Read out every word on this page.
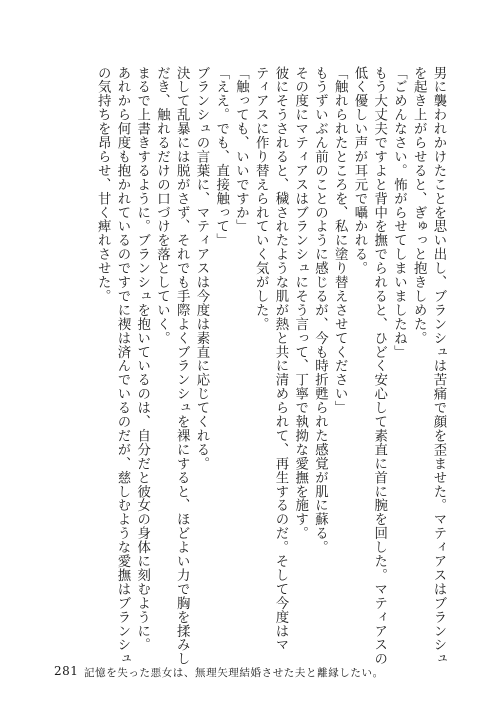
男に襲われかけたことを思い出し、ブランシュは苦痛で顔を歪ませた。マティアスはブランシュ
を起き上がらせると、ぎゅっと抱きしめた。
「ごめんなさい。怖がらせてしまいましたね」
もう大丈夫ですよと背中を撫でられると、ひどく安心して素直に首に腕を回した。マティアスの
低く優しい声が耳元で囁かれる。
「触れられたところを、私に塗り替えさせてください」
もうずいぶん前のことのように感じるが、今も時折甦られた感覚が肌に蘇る。
その度にマティアスはブランシュにそう言って、丁寧で執拗な愛撫を施す。
彼にそうされると、穢されたような肌が熱と共に清められて、再生するのだ。そして今度はマ
ティアスに作り替えられていく気がした。
「触っても、いいですか」
「ええ。でも、直接触って」
ブランシュの言葉に、マティアスは今度は素直に応じてくれる。
決して乱暴には脱がさず、それでも手際よくブランシュを裸にすると、ほどよい力で胸を揉みし
だき、触れるだけの口づけを落としていく。
まるで上書きするように。ブランシュを抱いているのは、自分だと彼女の身体に刻むように。
あれから何度も抱かれているのですでに禊は済んでいるのだが、慈しむような愛撫はブランシュ
の気持ちを昂らせ、甘く痺れさせた。
281 記憶を失った悪女は、無理矢理結婚させた夫と離縁したい。
